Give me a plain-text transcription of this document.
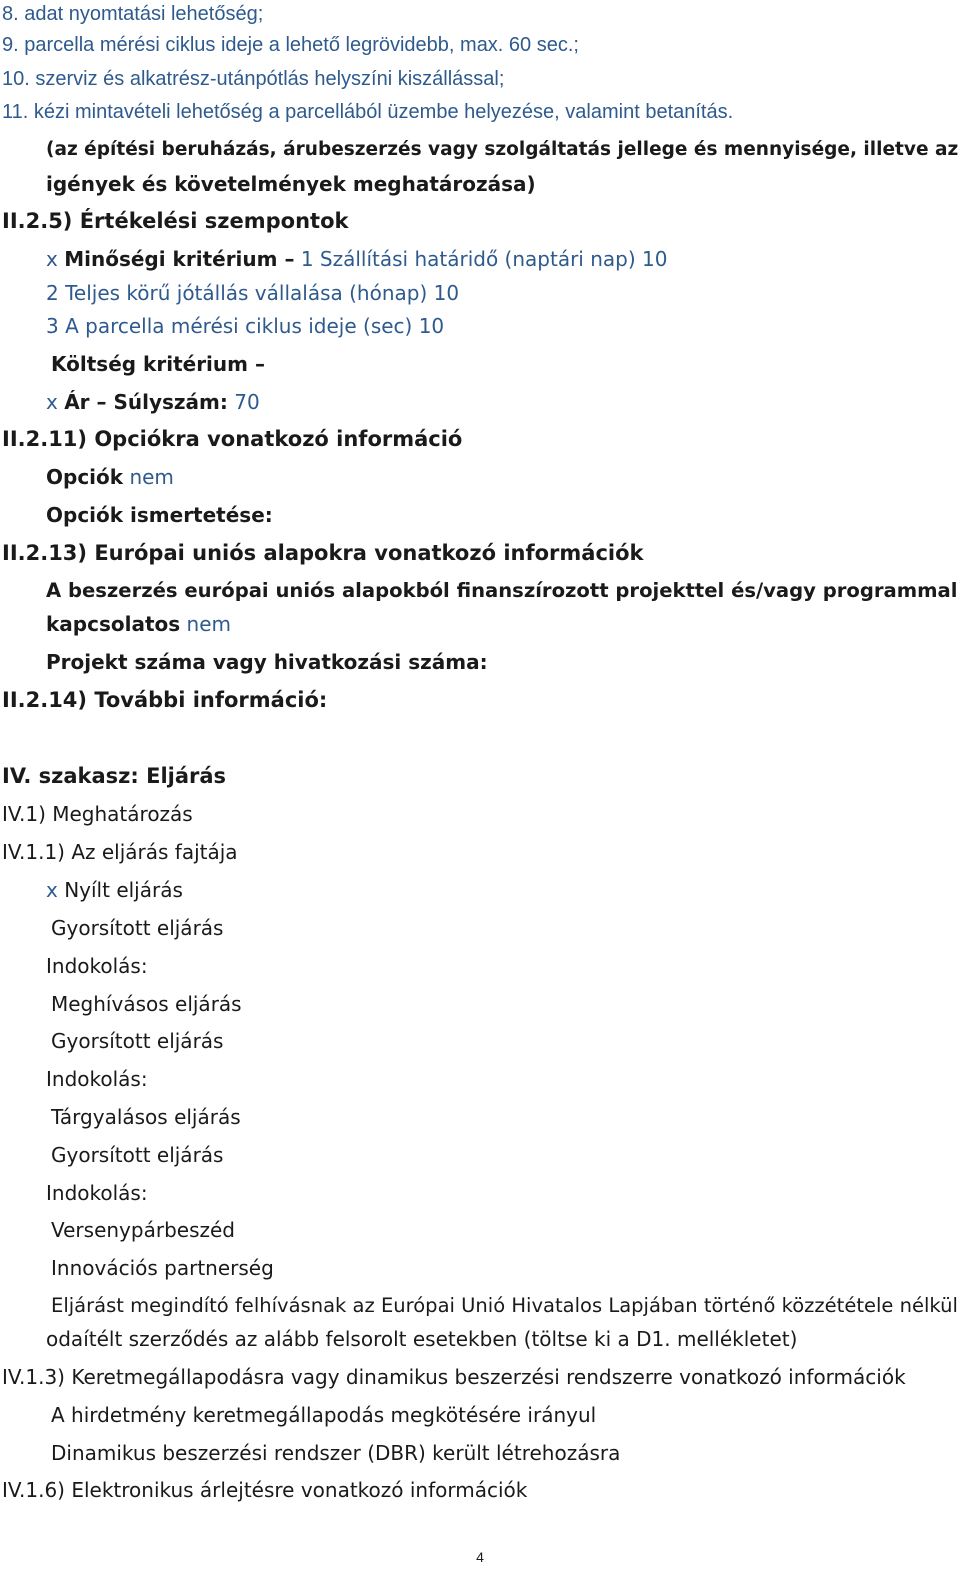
8. adat nyomtatási lehetőség;
9. parcella mérési ciklus ideje a lehető legrövidebb, max. 60 sec.;
10. szerviz és alkatrész-utánpótlás helyszíni kiszállással;
11. kézi mintavételi lehetőség a parcellából üzembe helyezése, valamint betanítás.
(az építési beruházás, árubeszerzés vagy szolgáltatás jellege és mennyisége, illetve az
igények és követelmények meghatározása)
II.2.5) Értékelési szempontok
x Minőségi kritérium – 1 Szállítási határidő (naptári nap) 10
2 Teljes körű jótállás vállalása (hónap) 10
3 A parcella mérési ciklus ideje (sec) 10
Költség kritérium –
x Ár – Súlyszám: 70
II.2.11) Opciókra vonatkozó információ
Opciók nem
Opciók ismertetése:
II.2.13) Európai uniós alapokra vonatkozó információk
A beszerzés európai uniós alapokból finanszírozott projekttel és/vagy programmal
kapcsolatos nem
Projekt száma vagy hivatkozási száma:
II.2.14) További információ:
IV. szakasz: Eljárás
IV.1) Meghatározás
IV.1.1) Az eljárás fajtája
x Nyílt eljárás
Gyorsított eljárás
Indokolás:
Meghívásos eljárás
Gyorsított eljárás
Indokolás:
Tárgyalásos eljárás
Gyorsított eljárás
Indokolás:
Versenypárbeszéd
Innovációs partnerség
Eljárást megindító felhívásnak az Európai Unió Hivatalos Lapjában történő közzététele nélkül
odaítélt szerződés az alább felsorolt esetekben (töltse ki a D1. mellékletet)
IV.1.3) Keretmegállapodásra vagy dinamikus beszerzési rendszerre vonatkozó információk
A hirdetmény keretmegállapodás megkötésére irányul
Dinamikus beszerzési rendszer (DBR) került létrehozásra
IV.1.6) Elektronikus árlejtésre vonatkozó információk
4
